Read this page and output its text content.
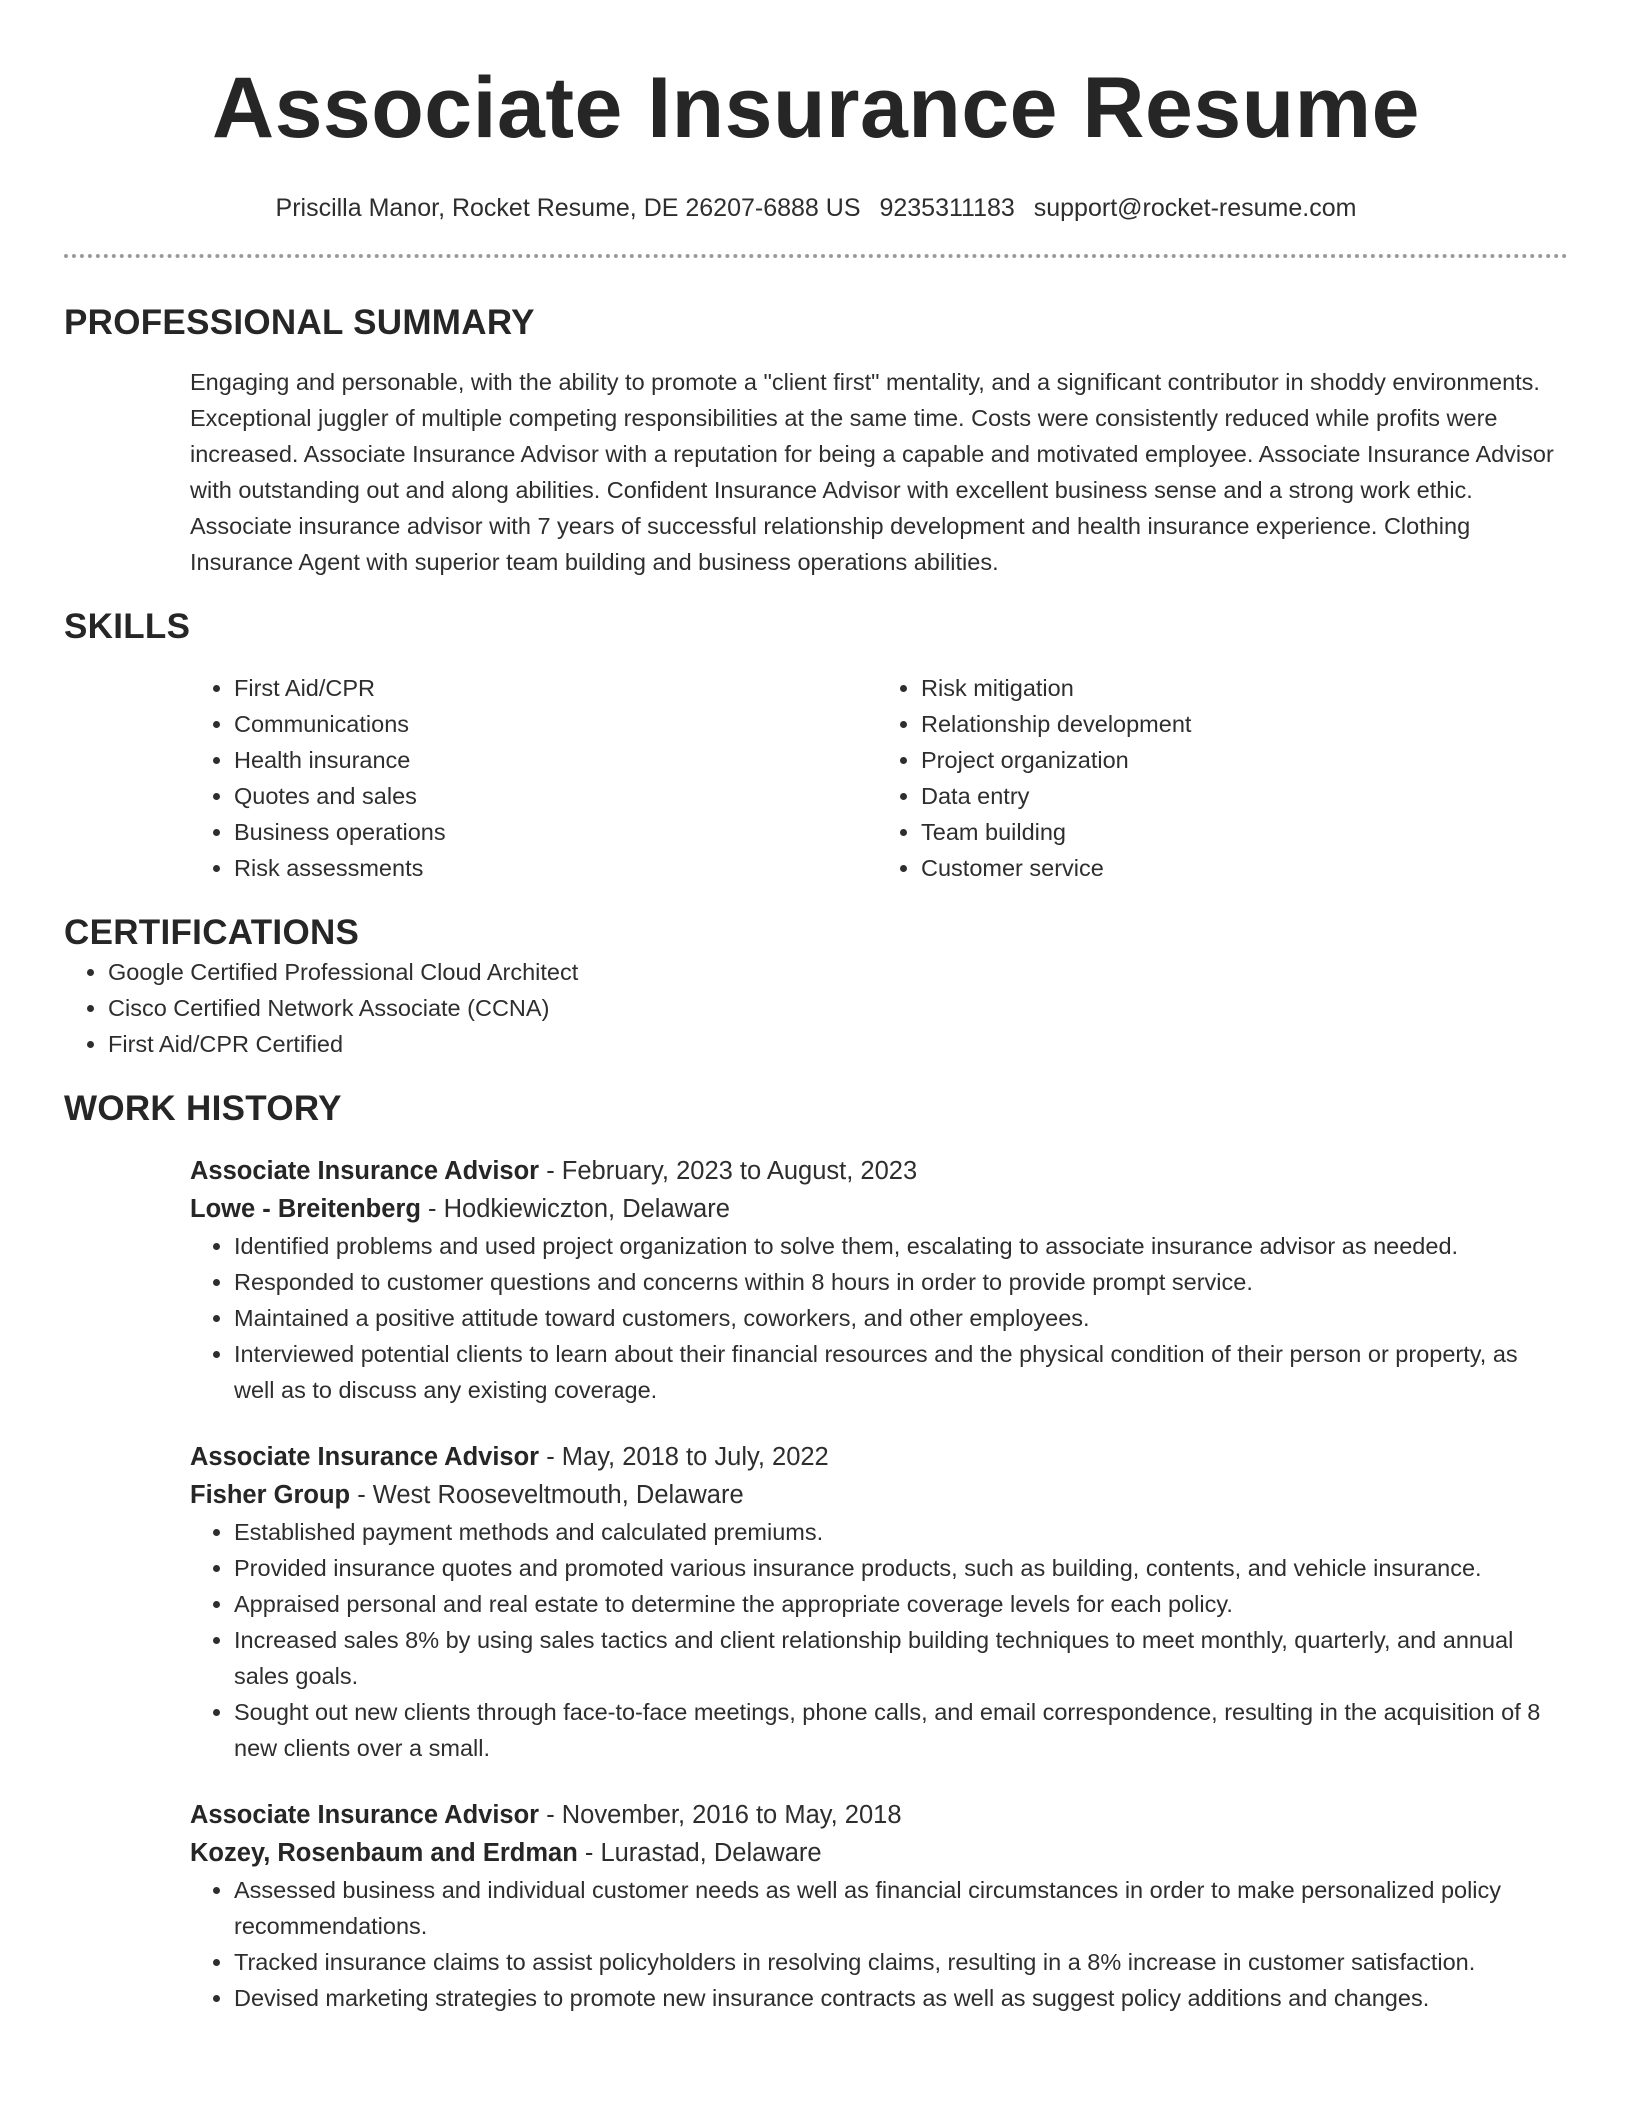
Associate Insurance Resume
Priscilla Manor, Rocket Resume, DE 26207-6888 US 9235311183 support@rocket-resume.com
PROFESSIONAL SUMMARY

Engaging and personable, with the ability to promote a "client first" mentality, and a significant contributor in shoddy environments. Exceptional juggler of multiple competing responsibilities at the same time. Costs were consistently reduced while profits were increased. Associate Insurance Advisor with a reputation for being a capable and motivated employee. Associate Insurance Advisor with outstanding out and along abilities. Confident Insurance Advisor with excellent business sense and a strong work ethic. Associate insurance advisor with 7 years of successful relationship development and health insurance experience. Clothing Insurance Agent with superior team building and business operations abilities.

SKILLS
• First Aid/CPR
• Communications
• Health insurance
• Quotes and sales
• Business operations
• Risk assessments
• Risk mitigation
• Relationship development
• Project organization
• Data entry
• Team building
• Customer service
CERTIFICATIONS
• Google Certified Professional Cloud Architect
• Cisco Certified Network Associate (CCNA)
• First Aid/CPR Certified
WORK HISTORY
Associate Insurance Advisor - February, 2023 to August, 2023
Lowe - Breitenberg - Hodkiewiczton, Delaware
• Identified problems and used project organization to solve them, escalating to associate insurance advisor as needed.
• Responded to customer questions and concerns within 8 hours in order to provide prompt service.
• Maintained a positive attitude toward customers, coworkers, and other employees.
• Interviewed potential clients to learn about their financial resources and the physical condition of their person or property, as well as to discuss any existing coverage.
Associate Insurance Advisor - May, 2018 to July, 2022
Fisher Group - West Rooseveltmouth, Delaware
• Established payment methods and calculated premiums.
• Provided insurance quotes and promoted various insurance products, such as building, contents, and vehicle insurance.
• Appraised personal and real estate to determine the appropriate coverage levels for each policy.
• Increased sales 8% by using sales tactics and client relationship building techniques to meet monthly, quarterly, and annual sales goals.
• Sought out new clients through face-to-face meetings, phone calls, and email correspondence, resulting in the acquisition of 8 new clients over a small.
Associate Insurance Advisor - November, 2016 to May, 2018
Kozey, Rosenbaum and Erdman - Lurastad, Delaware
• Assessed business and individual customer needs as well as financial circumstances in order to make personalized policy recommendations.
• Tracked insurance claims to assist policyholders in resolving claims, resulting in a 8% increase in customer satisfaction.
• Devised marketing strategies to promote new insurance contracts as well as suggest policy additions and changes.
